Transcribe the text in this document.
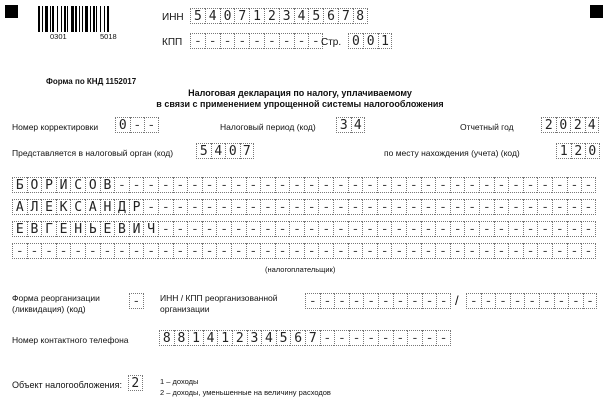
0301	5018
ИНН 5 4 0 7 1 2 3 4 5 6 7 8
КПП - - - - - - - - - Стр. 0 0 1
Форма по КНД 1152017
Налоговая декларация по налогу, уплачиваемому
в связи с применением упрощенной системы налогообложения
Номер корректировки 0 - -	Налоговый период (код) 3 4	Отчетный год 2 0 2 4
Представляется в налоговый орган (код) 5 4 0 7	по месту нахождения (учета) (код)	1 2 0
Б О Р И С О В - - - - - - - - - - - - - - - - - - - - - - - - - - - - - - - - -
А Л Е К С А Н Д Р - - - - - - - - - - - - - - - - - - - - - - - - - - - - - - -
Е В Г Е Н Ь Е В И Ч - - - - - - - - - - - - - - - - - - - - - - - - - - - - - -
- - - - - - - - - - - - - - - - - - - - - - - - - - - - - - - - - - - - - - - -
(налогоплательщик)
Форма реорганизации
(ликвидация) (код)	-	ИНН / КПП реорганизованной
организации	- - - - - - - - - - / - - - - - - - - -
Номер контактного телефона	8 8 1 4 1 2 3 4 5 6 7 - - - - - - - - -
Объект налогообложения: 2	1 – доходы
2 – доходы, уменьшенные на величину расходов
